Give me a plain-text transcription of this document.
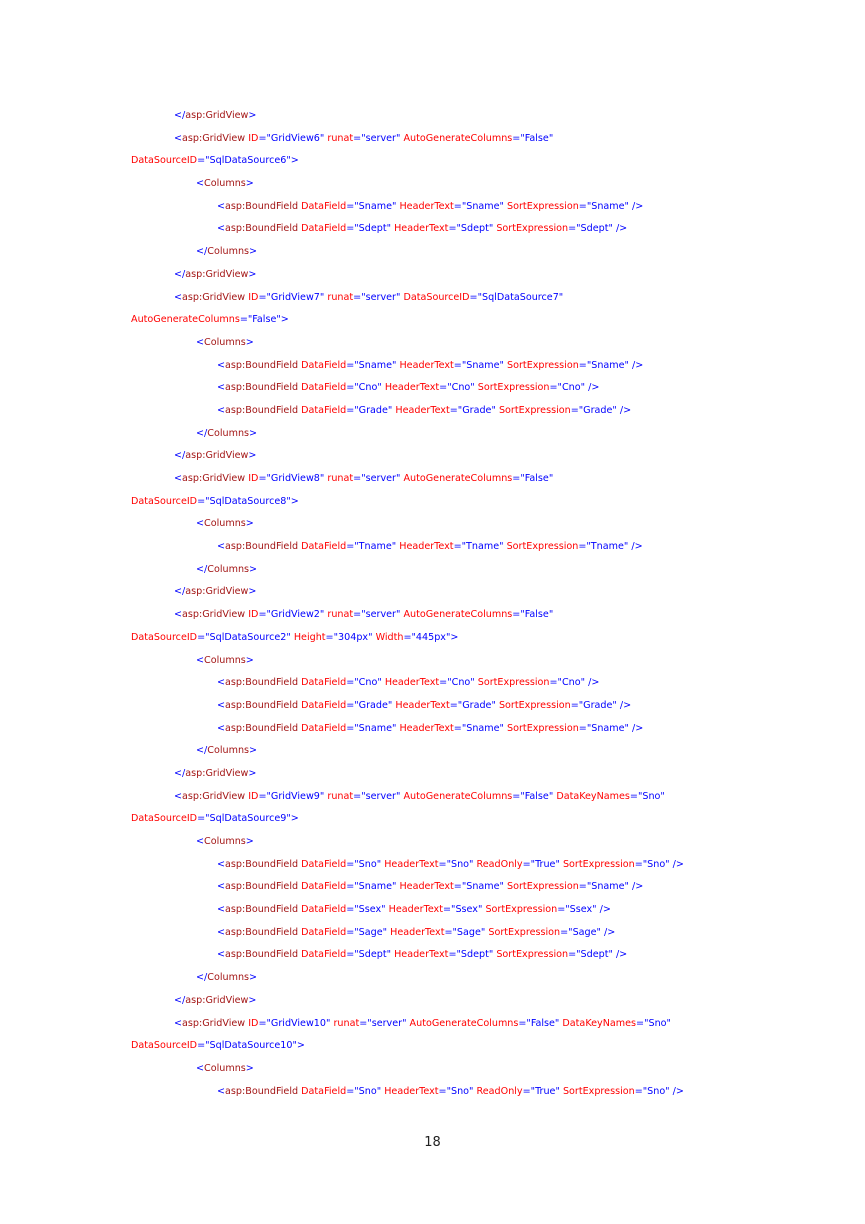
</asp:GridView>
<asp:GridView ID="GridView6" runat="server" AutoGenerateColumns="False"
DataSourceID="SqlDataSource6">
<Columns>
<asp:BoundField DataField="Sname" HeaderText="Sname" SortExpression="Sname" />
<asp:BoundField DataField="Sdept" HeaderText="Sdept" SortExpression="Sdept" />
</Columns>
</asp:GridView>
<asp:GridView ID="GridView7" runat="server" DataSourceID="SqlDataSource7"
AutoGenerateColumns="False">
<Columns>
<asp:BoundField DataField="Sname" HeaderText="Sname" SortExpression="Sname" />
<asp:BoundField DataField="Cno" HeaderText="Cno" SortExpression="Cno" />
<asp:BoundField DataField="Grade" HeaderText="Grade" SortExpression="Grade" />
</Columns>
</asp:GridView>
<asp:GridView ID="GridView8" runat="server" AutoGenerateColumns="False"
DataSourceID="SqlDataSource8">
<Columns>
<asp:BoundField DataField="Tname" HeaderText="Tname" SortExpression="Tname" />
</Columns>
</asp:GridView>
<asp:GridView ID="GridView2" runat="server" AutoGenerateColumns="False"
DataSourceID="SqlDataSource2" Height="304px" Width="445px">
<Columns>
<asp:BoundField DataField="Cno" HeaderText="Cno" SortExpression="Cno" />
<asp:BoundField DataField="Grade" HeaderText="Grade" SortExpression="Grade" />
<asp:BoundField DataField="Sname" HeaderText="Sname" SortExpression="Sname" />
</Columns>
</asp:GridView>
<asp:GridView ID="GridView9" runat="server" AutoGenerateColumns="False" DataKeyNames="Sno"
DataSourceID="SqlDataSource9">
<Columns>
<asp:BoundField DataField="Sno" HeaderText="Sno" ReadOnly="True" SortExpression="Sno" />
<asp:BoundField DataField="Sname" HeaderText="Sname" SortExpression="Sname" />
<asp:BoundField DataField="Ssex" HeaderText="Ssex" SortExpression="Ssex" />
<asp:BoundField DataField="Sage" HeaderText="Sage" SortExpression="Sage" />
<asp:BoundField DataField="Sdept" HeaderText="Sdept" SortExpression="Sdept" />
</Columns>
</asp:GridView>
<asp:GridView ID="GridView10" runat="server" AutoGenerateColumns="False" DataKeyNames="Sno"
DataSourceID="SqlDataSource10">
<Columns>
<asp:BoundField DataField="Sno" HeaderText="Sno" ReadOnly="True" SortExpression="Sno" />
18
